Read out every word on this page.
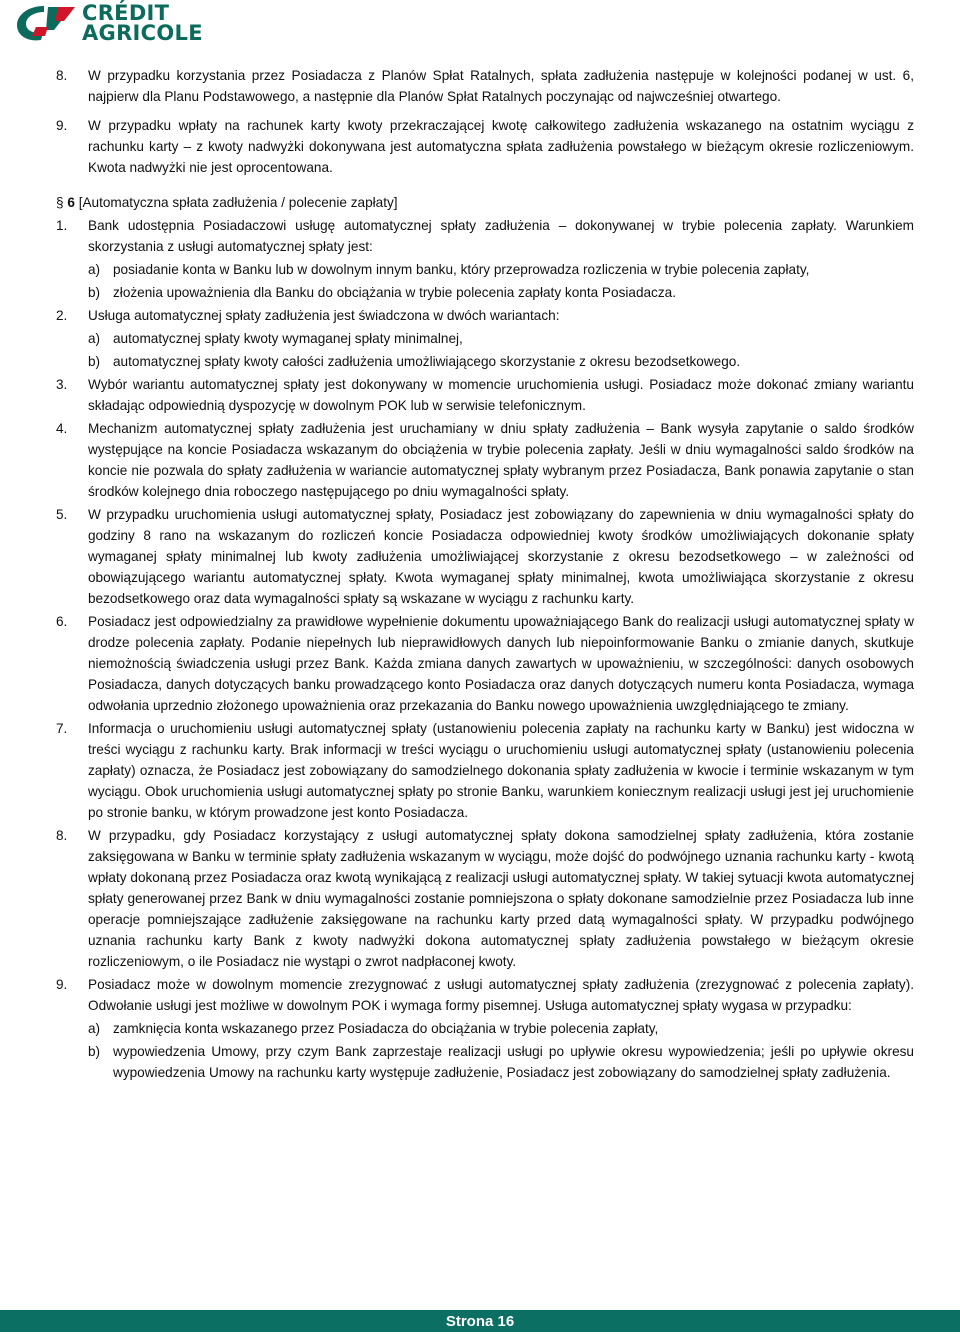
CRÉDIT
AGRICOLE
8.	W przypadku korzystania przez Posiadacza z Planów Spłat Ratalnych, spłata zadłużenia następuje w kolejności podanej w ust. 6, najpierw dla Planu Podstawowego, a następnie dla Planów Spłat Ratalnych poczynając od najwcześniej otwartego.
9.	W przypadku wpłaty na rachunek karty kwoty przekraczającej kwotę całkowitego zadłużenia wskazanego na ostatnim wyciągu z rachunku karty – z kwoty nadwyżki dokonywana jest automatyczna spłata zadłużenia powstałego w bieżącym okresie rozliczeniowym. Kwota nadwyżki nie jest oprocentowana.
§ 6 [Automatyczna spłata zadłużenia / polecenie zapłaty]
1.	Bank udostępnia Posiadaczowi usługę automatycznej spłaty zadłużenia – dokonywanej w trybie polecenia zapłaty. Warunkiem skorzystania z usługi automatycznej spłaty jest:
a) posiadanie konta w Banku lub w dowolnym innym banku, który przeprowadza rozliczenia w trybie polecenia zapłaty,
b) złożenia upoważnienia dla Banku do obciążania w trybie polecenia zapłaty konta Posiadacza.
2.	Usługa automatycznej spłaty zadłużenia jest świadczona w dwóch wariantach:
a) automatycznej spłaty kwoty wymaganej spłaty minimalnej,
b) automatycznej spłaty kwoty całości zadłużenia umożliwiającego skorzystanie z okresu bezodsetkowego.
3.	Wybór wariantu automatycznej spłaty jest dokonywany w momencie uruchomienia usługi. Posiadacz może dokonać zmiany wariantu składając odpowiednią dyspozycję w dowolnym POK lub w serwisie telefonicznym.
4.	Mechanizm automatycznej spłaty zadłużenia jest uruchamiany w dniu spłaty zadłużenia – Bank wysyła zapytanie o saldo środków występujące na koncie Posiadacza wskazanym do obciążenia w trybie polecenia zapłaty. Jeśli w dniu wymagalności saldo środków na koncie nie pozwala do spłaty zadłużenia w wariancie automatycznej spłaty wybranym przez Posiadacza, Bank ponawia zapytanie o stan środków kolejnego dnia roboczego następującego po dniu wymagalności spłaty.
5.	W przypadku uruchomienia usługi automatycznej spłaty, Posiadacz jest zobowiązany do zapewnienia w dniu wymagalności spłaty do godziny 8 rano na wskazanym do rozliczeń koncie Posiadacza odpowiedniej kwoty środków umożliwiających dokonanie spłaty wymaganej spłaty minimalnej lub kwoty zadłużenia umożliwiającej skorzystanie z okresu bezodsetkowego – w zależności od obowiązującego wariantu automatycznej spłaty. Kwota wymaganej spłaty minimalnej, kwota umożliwiająca skorzystanie z okresu bezodsetkowego oraz data wymagalności spłaty są wskazane w wyciągu z rachunku karty.
6.	Posiadacz jest odpowiedzialny za prawidłowe wypełnienie dokumentu upoważniającego Bank do realizacji usługi automatycznej spłaty w drodze polecenia zapłaty. Podanie niepełnych lub nieprawidłowych danych lub niepoinformowanie Banku o zmianie danych, skutkuje niemożnością świadczenia usługi przez Bank. Każda zmiana danych zawartych w upoważnieniu, w szczególności: danych osobowych Posiadacza, danych dotyczących banku prowadzącego konto Posiadacza oraz danych dotyczących numeru konta Posiadacza, wymaga odwołania uprzednio złożonego upoważnienia oraz przekazania do Banku nowego upoważnienia uwzględniającego te zmiany.
7.	Informacja o uruchomieniu usługi automatycznej spłaty (ustanowieniu polecenia zapłaty na rachunku karty w Banku) jest widoczna w treści wyciągu z rachunku karty. Brak informacji w treści wyciągu o uruchomieniu usługi automatycznej spłaty (ustanowieniu polecenia zapłaty) oznacza, że Posiadacz jest zobowiązany do samodzielnego dokonania spłaty zadłużenia w kwocie i terminie wskazanym w tym wyciągu. Obok uruchomienia usługi automatycznej spłaty po stronie Banku, warunkiem koniecznym realizacji usługi jest jej uruchomienie po stronie banku, w którym prowadzone jest konto Posiadacza.
8.	W przypadku, gdy Posiadacz korzystający z usługi automatycznej spłaty dokona samodzielnej spłaty zadłużenia, która zostanie zaksięgowana w Banku w terminie spłaty zadłużenia wskazanym w wyciągu, może dojść do podwójnego uznania rachunku karty - kwotą wpłaty dokonaną przez Posiadacza oraz kwotą wynikającą z realizacji usługi automatycznej spłaty. W takiej sytuacji kwota automatycznej spłaty generowanej przez Bank w dniu wymagalności zostanie pomniejszona o spłaty dokonane samodzielnie przez Posiadacza lub inne operacje pomniejszające zadłużenie zaksięgowane na rachunku karty przed datą wymagalności spłaty. W przypadku podwójnego uznania rachunku karty Bank z kwoty nadwyżki dokona automatycznej spłaty zadłużenia powstałego w bieżącym okresie rozliczeniowym, o ile Posiadacz nie wystąpi o zwrot nadpłaconej kwoty.
9.	Posiadacz może w dowolnym momencie zrezygnować z usługi automatycznej spłaty zadłużenia (zrezygnować z polecenia zapłaty). Odwołanie usługi jest możliwe w dowolnym POK i wymaga formy pisemnej. Usługa automatycznej spłaty wygasa w przypadku:
a) zamknięcia konta wskazanego przez Posiadacza do obciążania w trybie polecenia zapłaty,
b) wypowiedzenia Umowy, przy czym Bank zaprzestaje realizacji usługi po upływie okresu wypowiedzenia; jeśli po upływie okresu wypowiedzenia Umowy na rachunku karty występuje zadłużenie, Posiadacz jest zobowiązany do samodzielnej spłaty zadłużenia.
Strona 16
